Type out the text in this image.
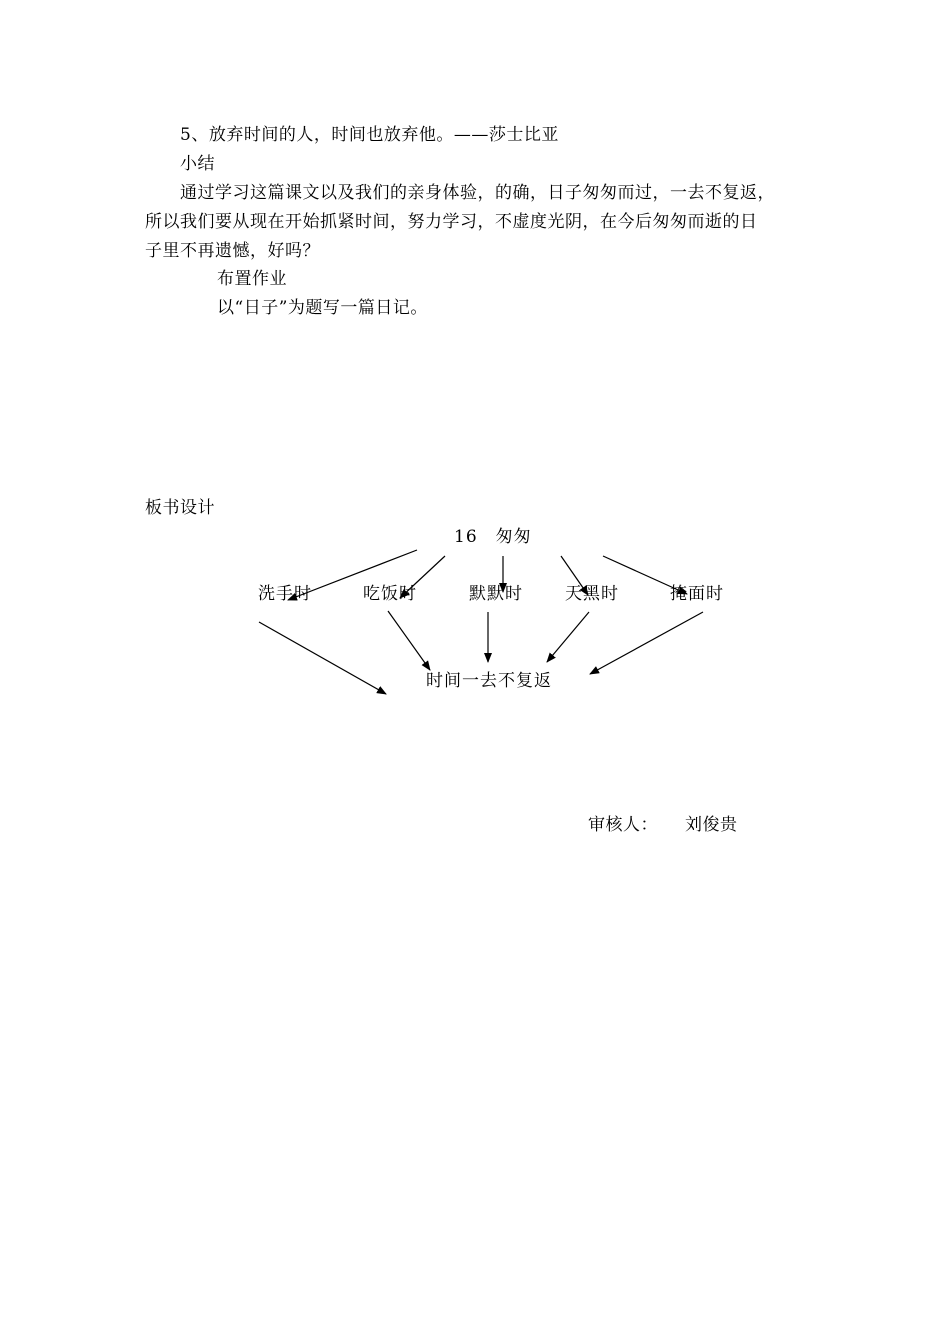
5、放弃时间的人，时间也放弃他。——莎士比亚
小结
通过学习这篇课文以及我们的亲身体验，的确，日子匆匆而过，一去不复返，
所以我们要从现在开始抓紧时间，努力学习，不虚度光阴，在今后匆匆而逝的日
子里不再遗憾，好吗？
布置作业
以“日子”为题写一篇日记。
板书设计
16　匆匆
洗手时	吃饭时	默默时 天黑时	掩面时
时间一去不复返
审核人： 刘俊贵
